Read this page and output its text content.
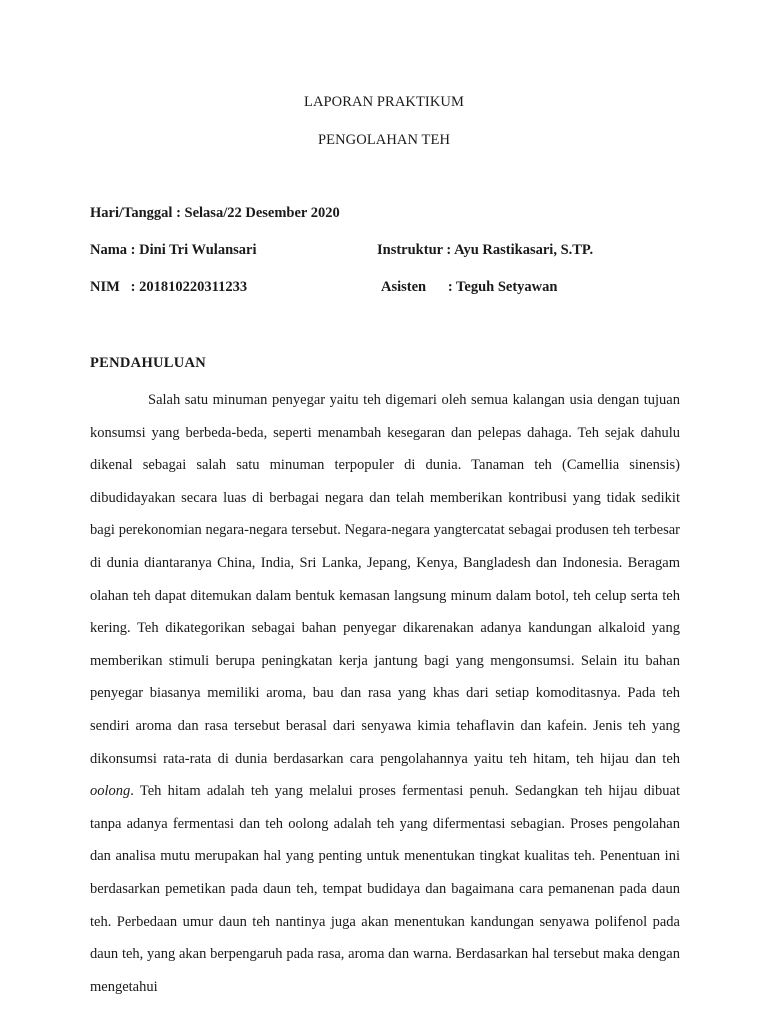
LAPORAN PRAKTIKUM
PENGOLAHAN TEH
Hari/Tanggal : Selasa/22 Desember 2020
Nama : Dini Tri Wulansari	Instruktur : Ayu Rastikasari, S.TP.
NIM   : 201810220311233	Asisten      : Teguh Setyawan
PENDAHULUAN

Salah satu minuman penyegar yaitu teh digemari oleh semua kalangan usia dengan tujuan konsumsi yang berbeda-beda, seperti menambah kesegaran dan pelepas dahaga. Teh sejak dahulu dikenal sebagai salah satu minuman terpopuler di dunia. Tanaman teh (Camellia sinensis) dibudidayakan secara luas di berbagai negara dan telah memberikan kontribusi yang tidak sedikit bagi perekonomian negara-negara tersebut. Negara-negara yangtercatat sebagai produsen teh terbesar di dunia diantaranya China, India, Sri Lanka, Jepang, Kenya, Bangladesh dan Indonesia. Beragam olahan teh dapat ditemukan dalam bentuk kemasan langsung minum dalam botol, teh celup serta teh kering. Teh dikategorikan sebagai bahan penyegar dikarenakan adanya kandungan alkaloid yang memberikan stimuli berupa peningkatan kerja jantung bagi yang mengonsumsi. Selain itu bahan penyegar biasanya memiliki aroma, bau dan rasa yang khas dari setiap komoditasnya. Pada teh sendiri aroma dan rasa tersebut berasal dari senyawa kimia tehaflavin dan kafein. Jenis teh yang dikonsumsi rata-rata di dunia berdasarkan cara pengolahannya yaitu teh hitam, teh hijau dan teh oolong. Teh hitam adalah teh yang melalui proses fermentasi penuh. Sedangkan teh hijau dibuat tanpa adanya fermentasi dan teh oolong adalah teh yang difermentasi sebagian. Proses pengolahan dan analisa mutu merupakan hal yang penting untuk menentukan tingkat kualitas teh. Penentuan ini berdasarkan pemetikan pada daun teh, tempat budidaya dan bagaimana cara pemanenan pada daun teh. Perbedaan umur daun teh nantinya juga akan menentukan kandungan senyawa polifenol pada daun teh, yang akan berpengaruh pada rasa, aroma dan warna. Berdasarkan hal tersebut maka dengan mengetahui
